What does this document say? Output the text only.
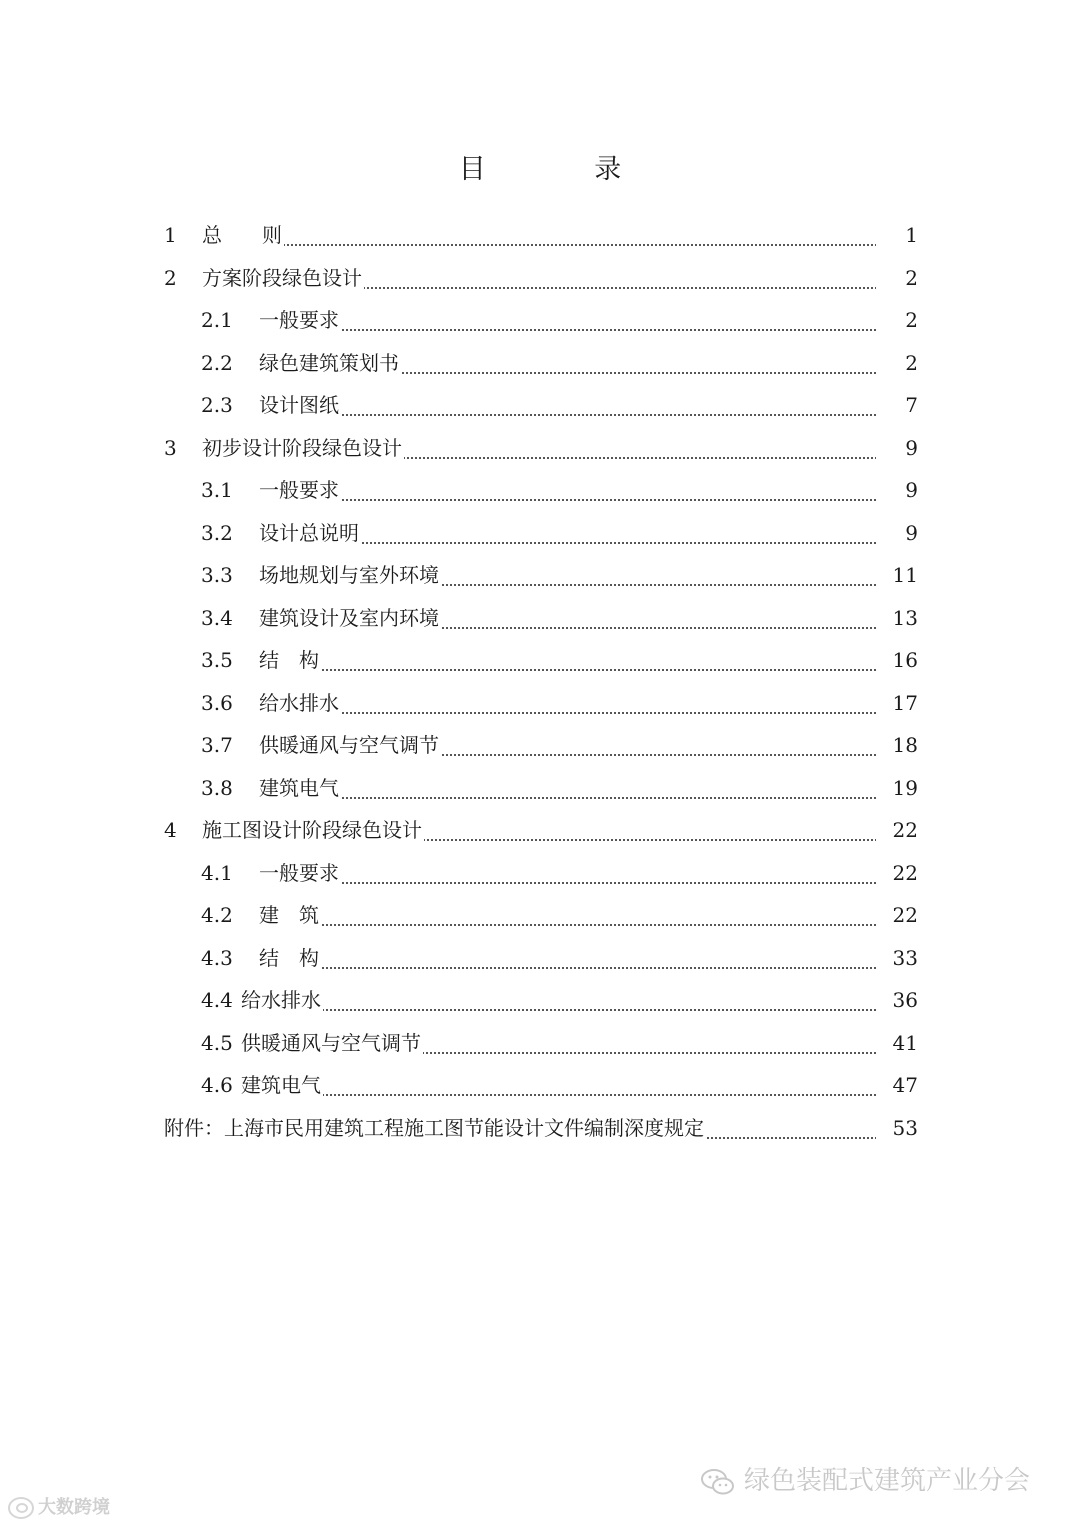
目 录
1 总　　则	1
2 方案阶段绿色设计	2
2.1 一般要求	2
2.2 绿色建筑策划书	2
2.3 设计图纸	7
3 初步设计阶段绿色设计	9
3.1 一般要求	9
3.2 设计总说明	9
3.3 场地规划与室外环境	11
3.4 建筑设计及室内环境	13
3.5 结　构	16
3.6 给水排水	17
3.7 供暖通风与空气调节	18
3.8 建筑电气	19
4 施工图设计阶段绿色设计	22
4.1 一般要求	22
4.2 建　筑	22
4.3 结　构	33
4.4 给水排水	36
4.5 供暖通风与空气调节	41
4.6 建筑电气	47
附件：上海市民用建筑工程施工图节能设计文件编制深度规定	53
大数跨境
绿色装配式建筑产业分会
